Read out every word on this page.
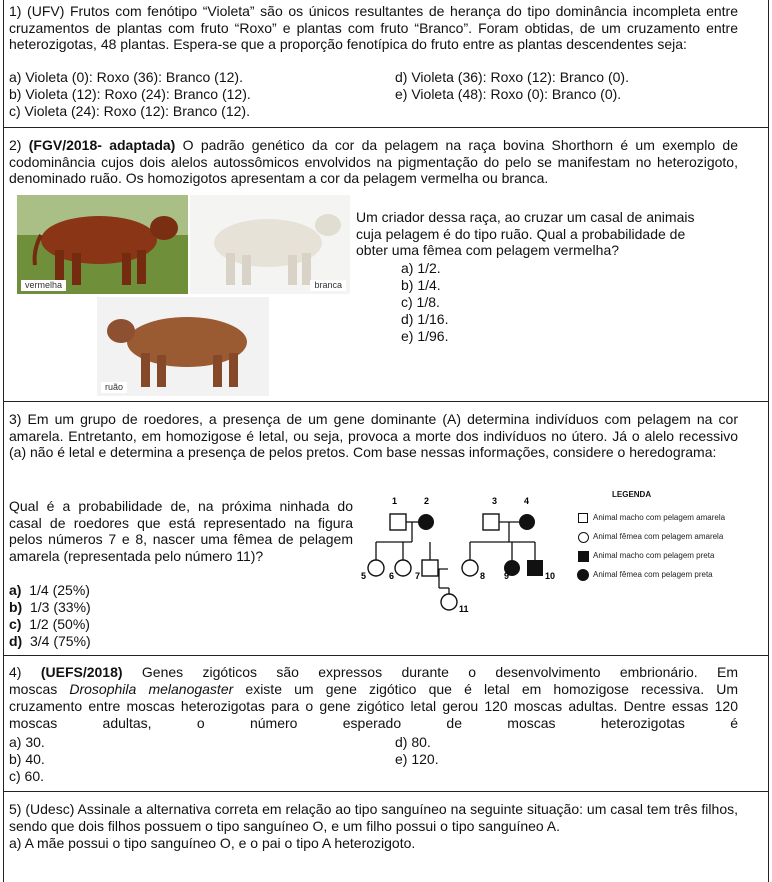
1) (UFV) Frutos com fenótipo “Violeta” são os únicos resultantes de herança do tipo dominância incompleta entre cruzamentos de plantas com fruto “Roxo” e plantas com fruto “Branco”. Foram obtidas, de um cruzamento entre heterozigotas, 48 plantas. Espera-se que a proporção fenotípica do fruto entre as plantas descendentes seja:

a) Violeta (0): Roxo (36): Branco (12).
b) Violeta (12): Roxo (24): Branco (12).
c) Violeta (24): Roxo (12): Branco (12).
d) Violeta (36): Roxo (12): Branco (0).
e) Violeta (48): Roxo (0): Branco (0).

2) (FGV/2018- adaptada) O padrão genético da cor da pelagem na raça bovina Shorthorn é um exemplo de codominância cujos dois alelos autossômicos envolvidos na pigmentação do pelo se manifestam no heterozigoto, denominado ruão. Os homozigotos apresentam a cor da pelagem vermelha ou branca.

vermelha	branca
ruão

Um criador dessa raça, ao cruzar um casal de animais cuja pelagem é do tipo ruão. Qual a probabilidade de obter uma fêmea com pelagem vermelha?

a) 1/2.
b) 1/4.
c) 1/8.
d) 1/16.
e) 1/96.

3) Em um grupo de roedores, a presença de um gene dominante (A) determina indivíduos com pelagem na cor amarela. Entretanto, em homozigose é letal, ou seja, provoca a morte dos indivíduos no útero. Já o alelo recessivo (a) não é letal e determina a presença de pelos pretos. Com base nessas informações, considere o heredograma:

Qual é a probabilidade de, na próxima ninhada do casal de roedores que está representado na figura pelos números 7 e 8, nascer uma fêmea de pelagem amarela (representada pelo número 11)?

a) 1/4 (25%)
b) 1/3 (33%)
c) 1/2 (50%)
d) 3/4 (75%)
1	2	3	4
5	6 7	8 9	10
11
LEGENDA
Animal macho com pelagem amarela
Animal fêmea com pelagem amarela
Animal macho com pelagem preta
Animal fêmea com pelagem preta

4) (UEFS/2018) Genes zigóticos são expressos durante o desenvolvimento embrionário. Em

moscas Drosophila melanogaster existe um gene zigótico que é letal em homozigose recessiva. Um

cruzamento entre moscas heterozigotas para o gene zigótico letal gerou 120 moscas adultas. Dentre essas 120 moscas adultas, o número esperado de moscas heterozigotas é

a) 30.
b) 40.
c) 60.
d) 80.
e) 120.

5) (Udesc) Assinale a alternativa correta em relação ao tipo sanguíneo na seguinte situação: um casal tem três filhos, sendo que dois filhos possuem o tipo sanguíneo O, e um filho possui o tipo sanguíneo A.

a) A mãe possui o tipo sanguíneo O, e o pai o tipo A heterozigoto.
